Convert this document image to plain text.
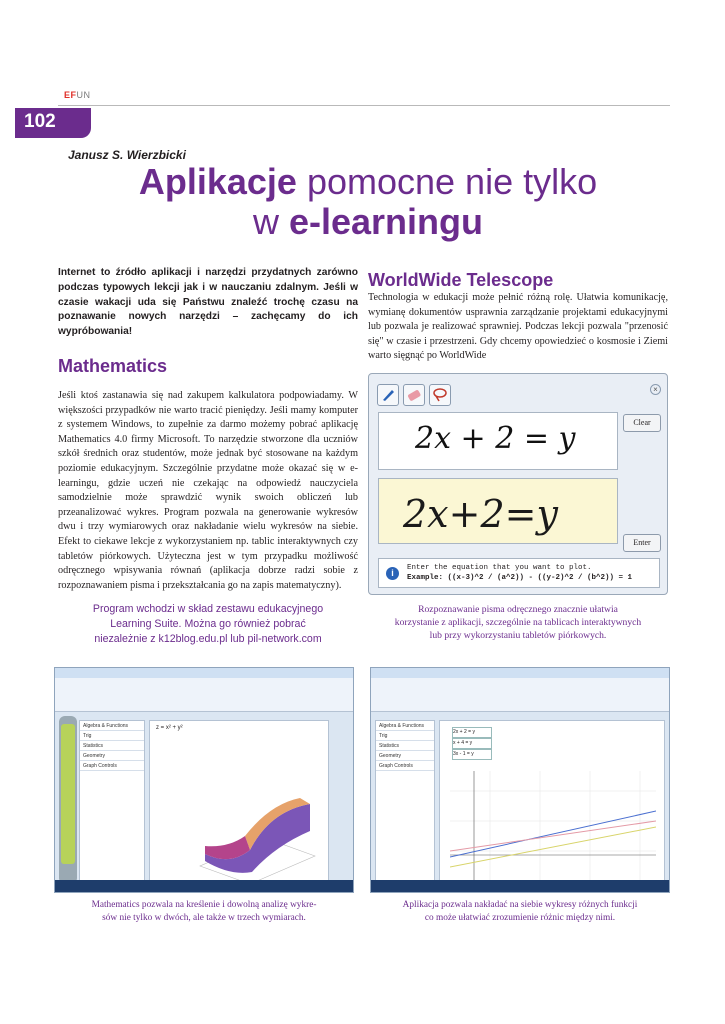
EFUN
102
Janusz S. Wierzbicki
Aplikacje pomocne nie tylko
w e-learningu
Internet to źródło aplikacji i narzędzi przydatnych zarówno podczas typowych lekcji jak i w nauczaniu zdalnym. Jeśli w czasie wakacji uda się Państwu znaleźć trochę czasu na poznawanie nowych narzędzi – zachęcamy do ich wypróbowania!
Mathematics
Jeśli ktoś zastanawia się nad zakupem kalkulatora podpowiadamy. W większości przypadków nie warto tracić pieniędzy. Jeśli mamy komputer z systemem Windows, to zupełnie za darmo możemy pobrać aplikację Mathematics 4.0 firmy Microsoft. To narzędzie stworzone dla uczniów szkół średnich oraz studentów, może jednak być stosowane na każdym poziomie edukacyjnym. Szczególnie przydatne może okazać się w e-learningu, gdzie uczeń nie czekając na odpowiedź nauczyciela samodzielnie może sprawdzić wynik swoich obliczeń lub przeanalizować wykres. Program pozwala na generowanie wykresów dwu i trzy wymiarowych oraz nakładanie wielu wykresów na siebie. Efekt to ciekawe lekcje z wykorzystaniem np. tablic interaktywnych czy tabletów piórkowych. Użyteczna jest w tym przypadku możliwość odręcznego wpisywania równań (aplikacja dobrze radzi sobie z rozpoznawaniem pisma i przekształcania go na zapis matematyczny).
Program wchodzi w skład zestawu edukacyjnego
Learning Suite. Można go również pobrać
niezależnie z k12blog.edu.pl lub pil-network.com
WorldWide Telescope
Technologia w edukacji może pełnić różną rolę. Ułatwia komunikację, wymianę dokumentów usprawnia zarządzanie projektami edukacyjnymi lub pozwala je realizować sprawniej. Podczas lekcji pozwala "przenosić się" w czasie i przestrzeni. Gdy chcemy opowiedzieć o kosmosie i Ziemi warto sięgnąć po WorldWide
×
2x + 2 = y	Clear
2x+2=y
Enter
i	Enter the equation that you want to plot.
Example: ((x-3)^2 / (a^2)) - ((y-2)^2 / (b^2)) = 1
Rozpoznawanie pisma odręcznego znacznie ułatwia
korzystanie z aplikacji, szczególnie na tablicach interaktywnych
lub przy wykorzystaniu tabletów piórkowych.
Algebra & Functions
Trig
Statistics
Geometry
Graph Controls
z = x² + y²
Mathematics pozwala na kreślenie i dowolną analizę wykre-
sów nie tylko w dwóch, ale także w trzech wymiarach.
Algebra & Functions
Trig
Statistics
Geometry
Graph Controls
2x + 2 = y
x + 4 = y
3x - 1 = y
Aplikacja pozwala nakładać na siebie wykresy różnych funkcji
co może ułatwiać zrozumienie różnic między nimi.
